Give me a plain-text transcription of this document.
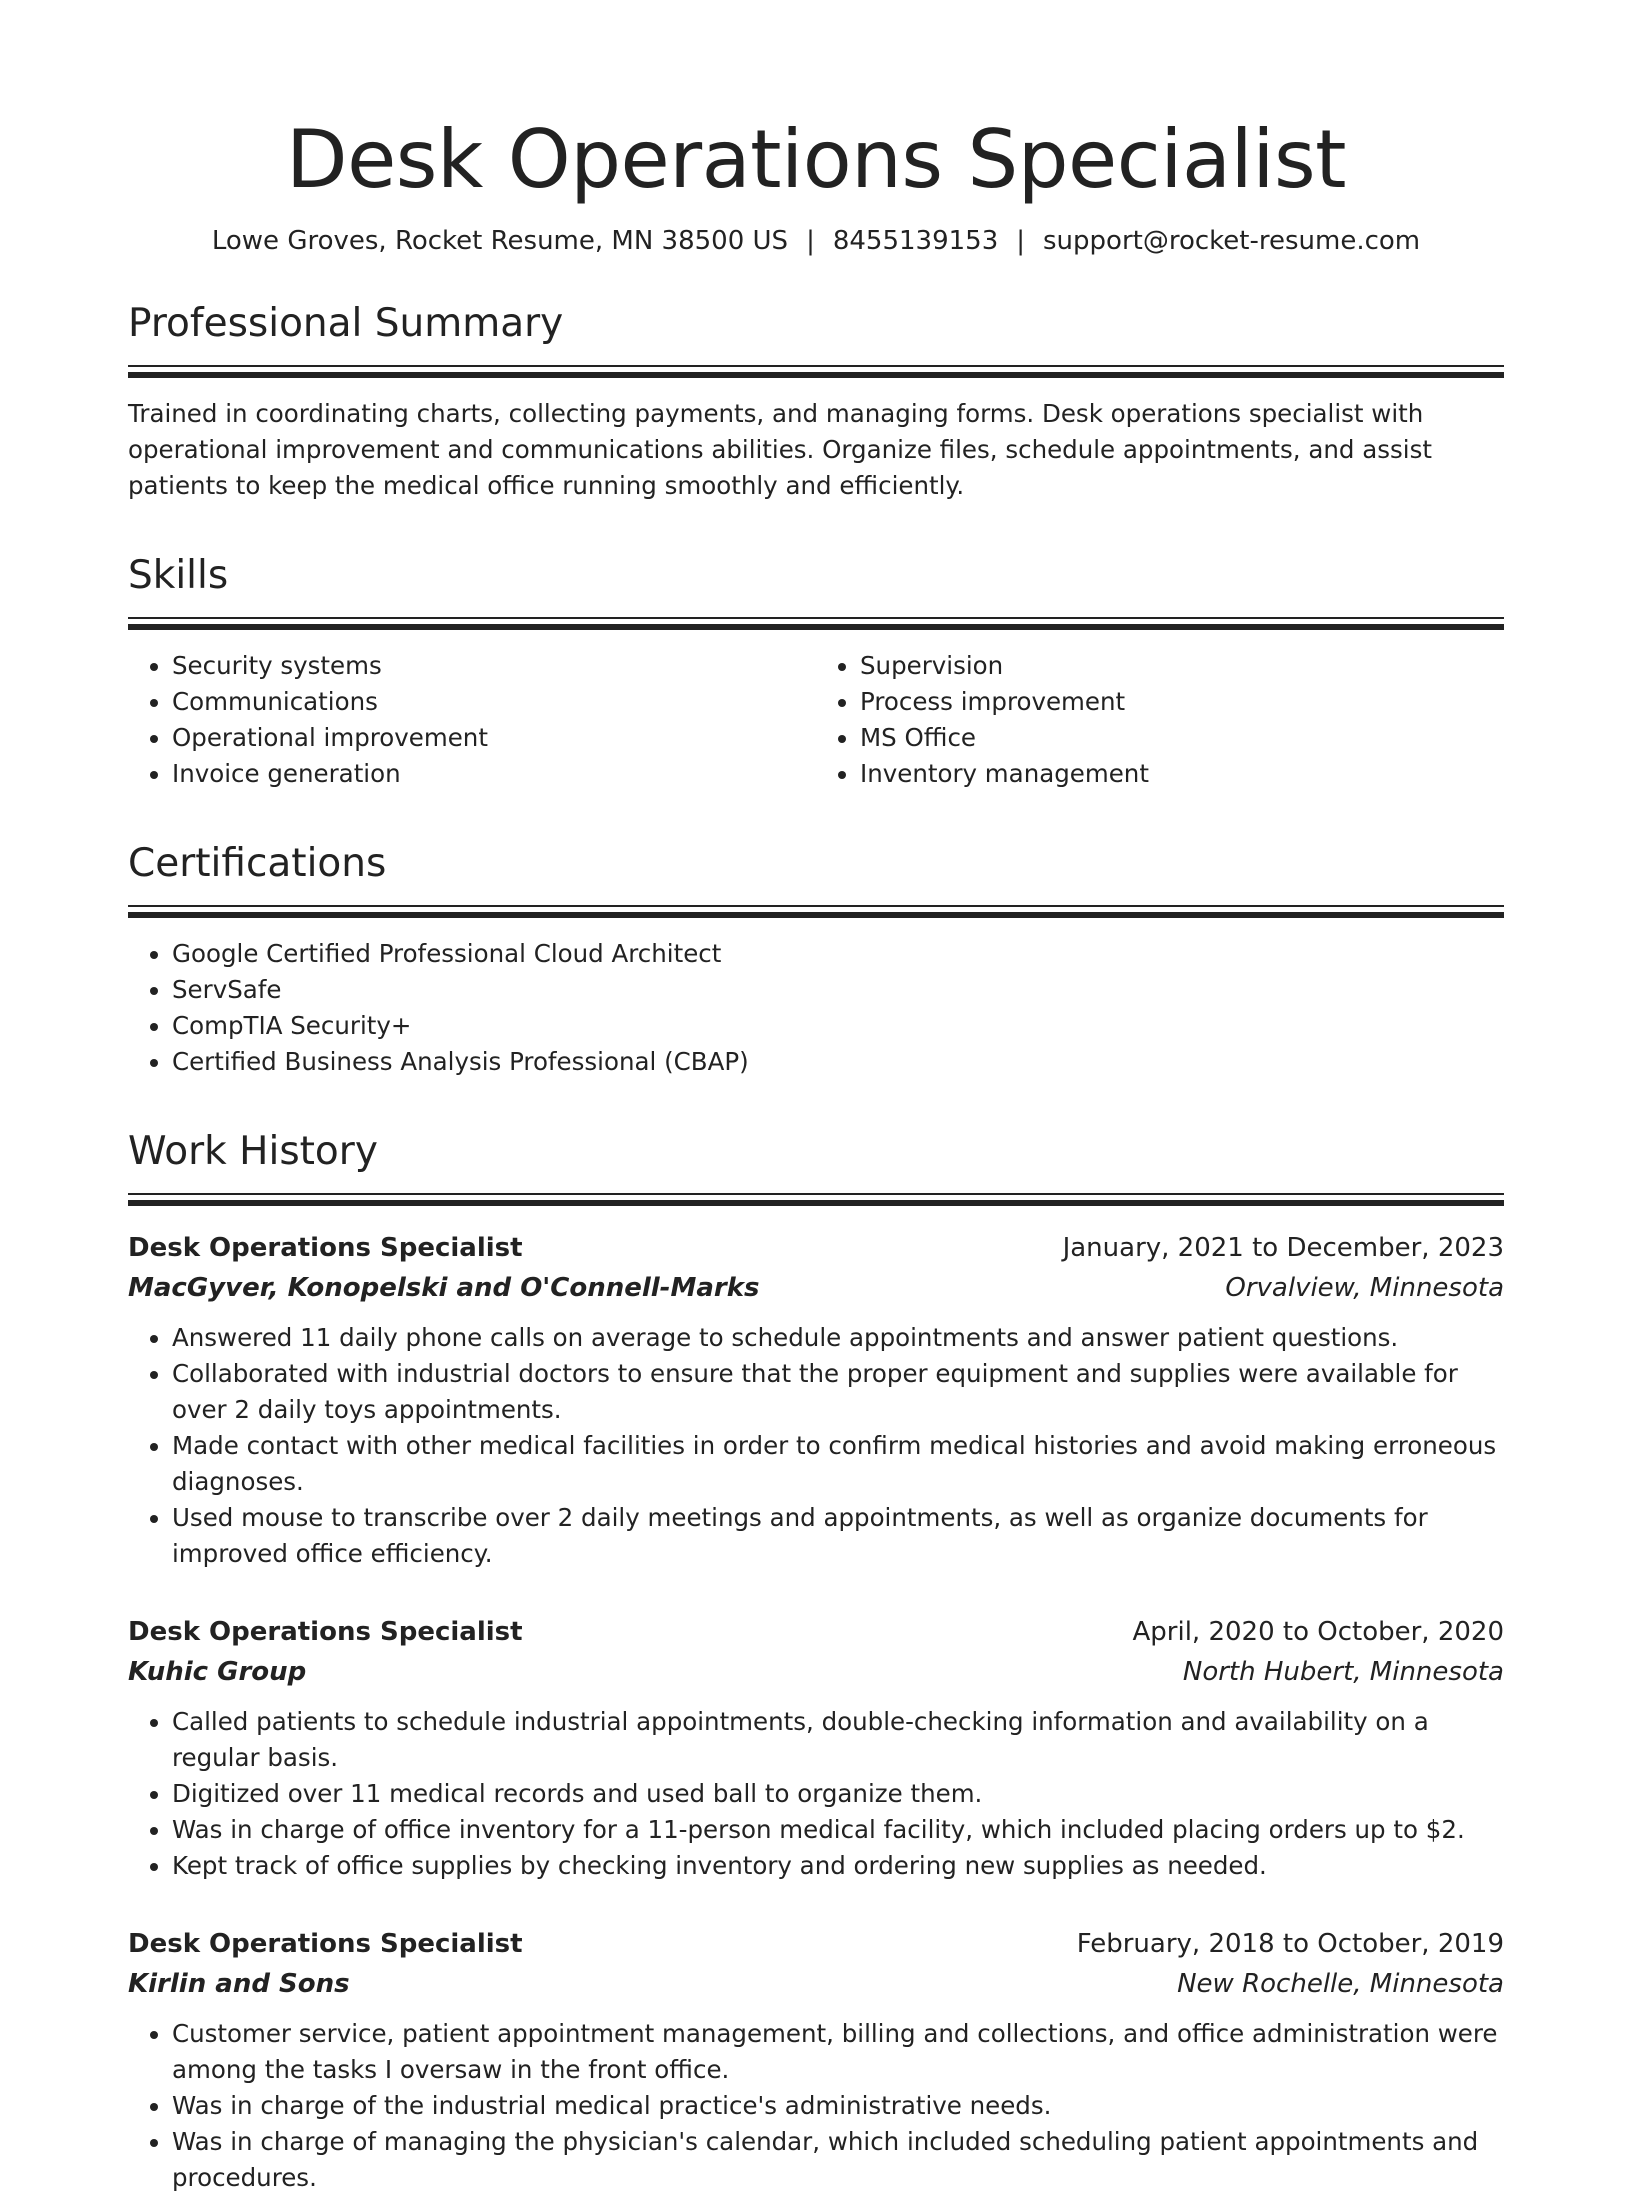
Desk Operations Specialist
Lowe Groves, Rocket Resume, MN 38500 US | 8455139153 | support@rocket-resume.com
Professional Summary
Trained in coordinating charts, collecting payments, and managing forms. Desk operations specialist with operational improvement and communications abilities. Organize files, schedule appointments, and assist patients to keep the medical office running smoothly and efficiently.
Skills
• Security systems
• Communications
• Operational improvement
• Invoice generation
• Supervision
• Process improvement
• MS Office
• Inventory management
Certifications
• Google Certified Professional Cloud Architect
• ServSafe
• CompTIA Security+
• Certified Business Analysis Professional (CBAP)
Work History
Desk Operations Specialist	January, 2021 to December, 2023
MacGyver, Konopelski and O'Connell-Marks	Orvalview, Minnesota
• Answered 11 daily phone calls on average to schedule appointments and answer patient questions.
• Collaborated with industrial doctors to ensure that the proper equipment and supplies were available for over 2 daily toys appointments.
• Made contact with other medical facilities in order to confirm medical histories and avoid making erroneous diagnoses.
• Used mouse to transcribe over 2 daily meetings and appointments, as well as organize documents for improved office efficiency.
Desk Operations Specialist	April, 2020 to October, 2020
Kuhic Group	North Hubert, Minnesota
• Called patients to schedule industrial appointments, double-checking information and availability on a regular basis.
• Digitized over 11 medical records and used ball to organize them.
• Was in charge of office inventory for a 11-person medical facility, which included placing orders up to $2.
• Kept track of office supplies by checking inventory and ordering new supplies as needed.
Desk Operations Specialist	February, 2018 to October, 2019
Kirlin and Sons	New Rochelle, Minnesota
• Customer service, patient appointment management, billing and collections, and office administration were among the tasks I oversaw in the front office.
• Was in charge of the industrial medical practice's administrative needs.
• Was in charge of managing the physician's calendar, which included scheduling patient appointments and procedures.
